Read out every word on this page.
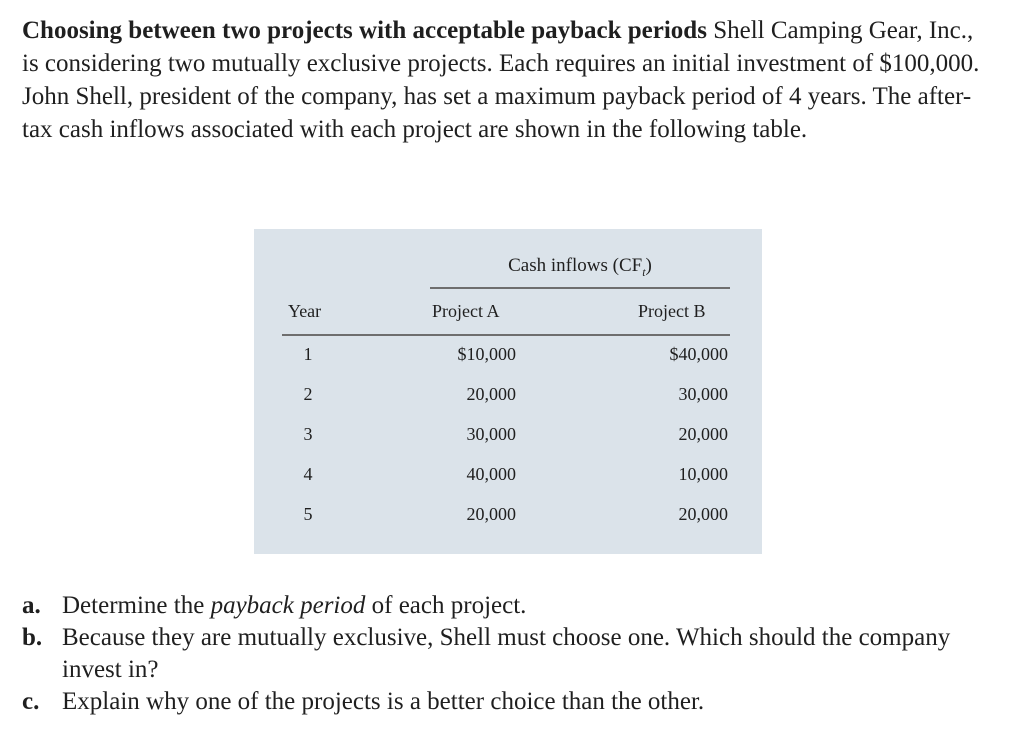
Choosing between two projects with acceptable payback periods Shell Camping Gear, Inc., is considering two mutually exclusive projects. Each requires an initial investment of $100,000. John Shell, president of the company, has set a maximum payback period of 4 years. The after-tax cash inflows associated with each project are shown in the following table.

Cash inflows $(CF_t)$
Year	Project A	Project B
1	$10,000	$40,000
2	20,000	30,000
3	30,000	20,000
4	40,000	10,000
5	20,000	20,000
a. Determine the payback period of each project.
b. Because they are mutually exclusive, Shell must choose one. Which should the company invest in?
c. Explain why one of the projects is a better choice than the other.
